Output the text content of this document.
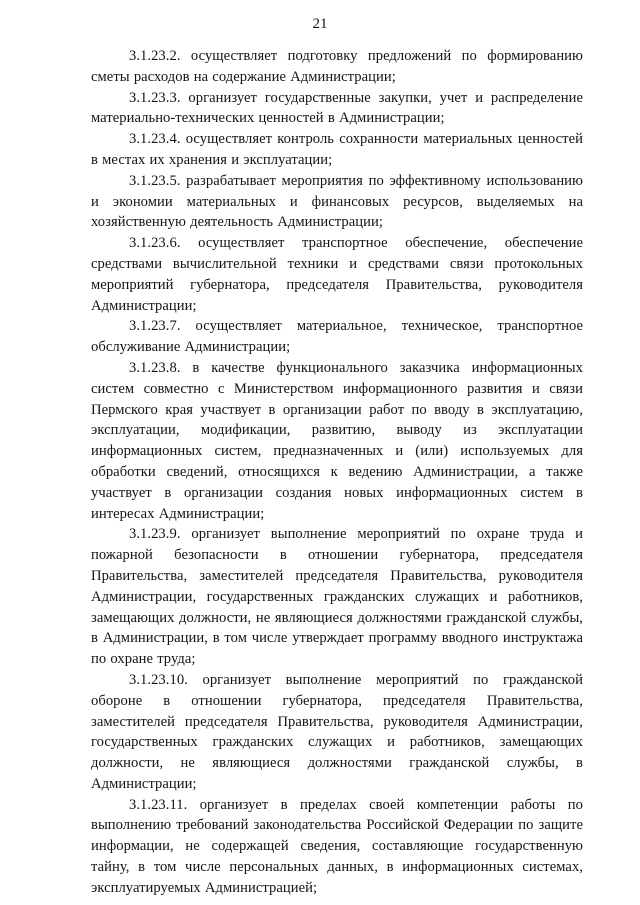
21

3.1.23.2. осуществляет подготовку предложений по формированию сметы расходов на содержание Администрации;

3.1.23.3. организует государственные закупки, учет и распределение материально-технических ценностей в Администрации;

3.1.23.4. осуществляет контроль сохранности материальных ценностей в местах их хранения и эксплуатации;

3.1.23.5. разрабатывает мероприятия по эффективному использованию и экономии материальных и финансовых ресурсов, выделяемых на хозяйственную деятельность Администрации;

3.1.23.6. осуществляет транспортное обеспечение, обеспечение средствами вычислительной техники и средствами связи протокольных мероприятий губернатора, председателя Правительства, руководителя Администрации;

3.1.23.7. осуществляет материальное, техническое, транспортное обслуживание Администрации;

3.1.23.8. в качестве функционального заказчика информационных систем совместно с Министерством информационного развития и связи Пермского края участвует в организации работ по вводу в эксплуатацию, эксплуатации, модификации, развитию, выводу из эксплуатации информационных систем, предназначенных и (или) используемых для обработки сведений, относящихся к ведению Администрации, а также участвует в организации создания новых информационных систем в интересах Администрации;

3.1.23.9. организует выполнение мероприятий по охране труда и пожарной безопасности в отношении губернатора, председателя Правительства, заместителей председателя Правительства, руководителя Администрации, государственных гражданских служащих и работников, замещающих должности, не являющиеся должностями гражданской службы, в Администрации, в том числе утверждает программу вводного инструктажа по охране труда;

3.1.23.10. организует выполнение мероприятий по гражданской обороне в отношении губернатора, председателя Правительства, заместителей председателя Правительства, руководителя Администрации, государственных гражданских служащих и работников, замещающих должности, не являющиеся должностями гражданской службы, в Администрации;

3.1.23.11. организует в пределах своей компетенции работы по выполнению требований законодательства Российской Федерации по защите информации, не содержащей сведения, составляющие государственную тайну, в том числе персональных данных, в информационных системах, эксплуатируемых Администрацией;
